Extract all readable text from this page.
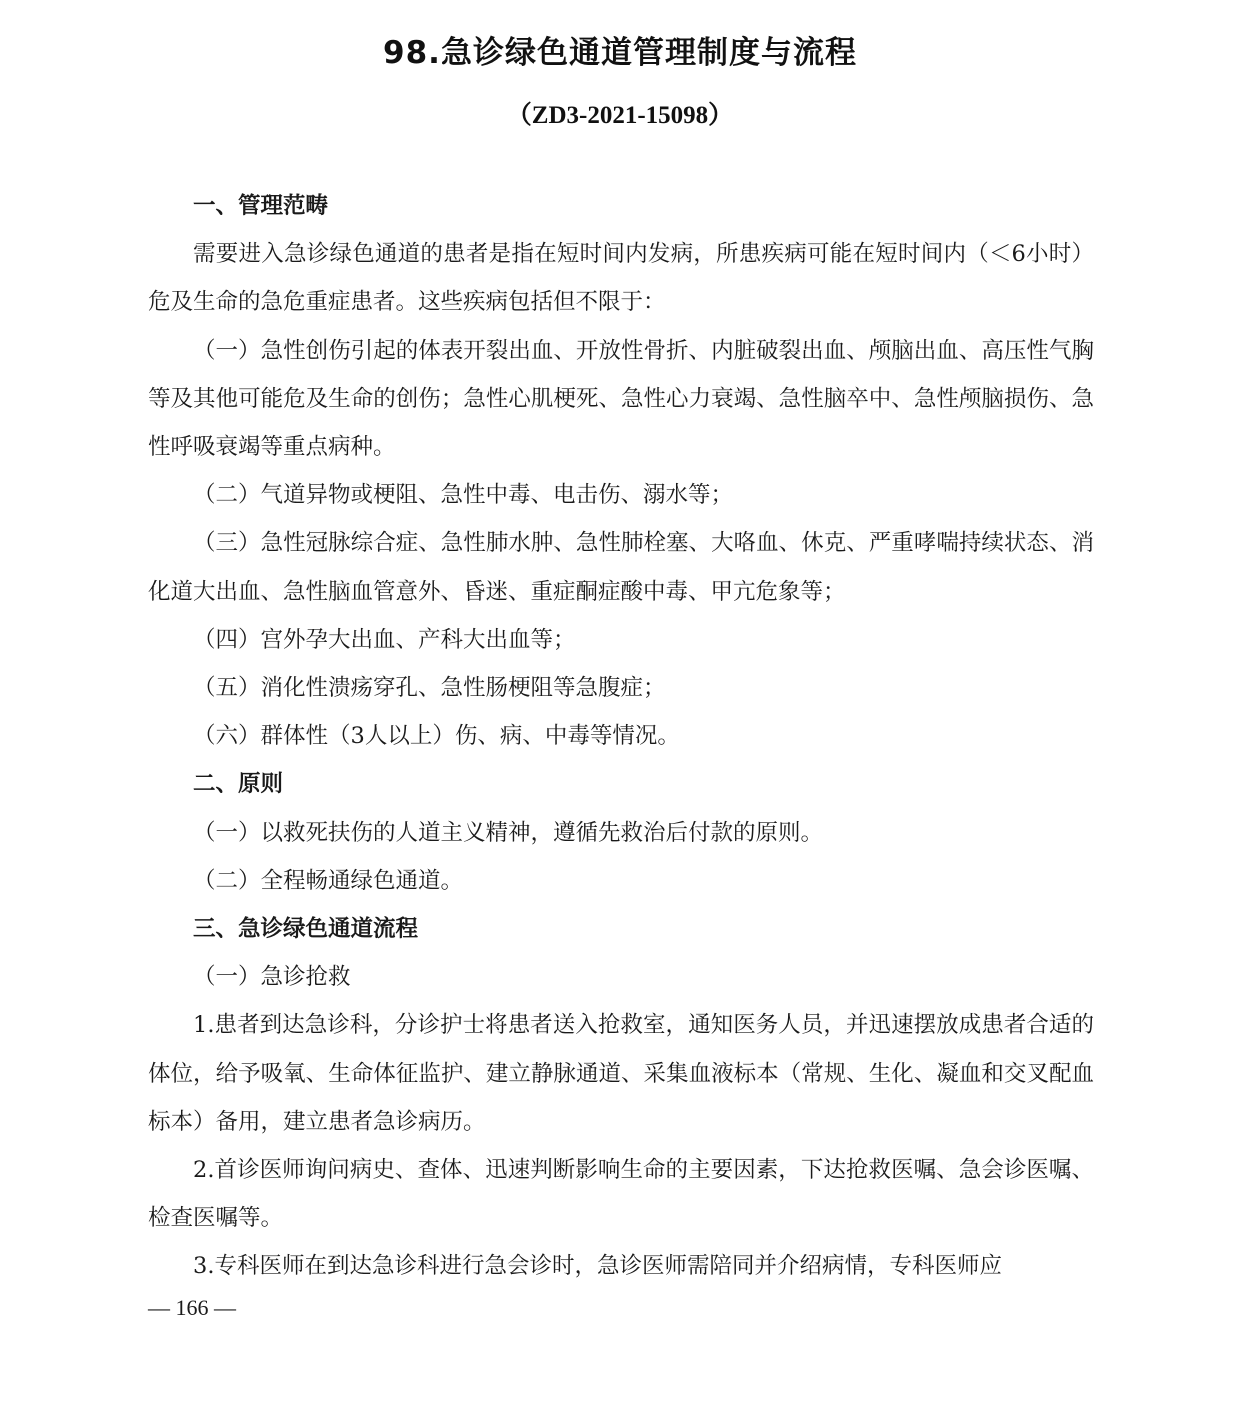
98.急诊绿色通道管理制度与流程
（ZD3-2021-15098）

一、管理范畴

需要进入急诊绿色通道的患者是指在短时间内发病，所患疾病可能在短时间内（＜6小时）危及生命的急危重症患者。这些疾病包括但不限于：

（一）急性创伤引起的体表开裂出血、开放性骨折、内脏破裂出血、颅脑出血、高压性气胸等及其他可能危及生命的创伤；急性心肌梗死、急性心力衰竭、急性脑卒中、急性颅脑损伤、急性呼吸衰竭等重点病种。

（二）气道异物或梗阻、急性中毒、电击伤、溺水等；

（三）急性冠脉综合症、急性肺水肿、急性肺栓塞、大咯血、休克、严重哮喘持续状态、消化道大出血、急性脑血管意外、昏迷、重症酮症酸中毒、甲亢危象等；

（四）宫外孕大出血、产科大出血等；

（五）消化性溃疡穿孔、急性肠梗阻等急腹症；

（六）群体性（3人以上）伤、病、中毒等情况。

二、原则

（一）以救死扶伤的人道主义精神，遵循先救治后付款的原则。

（二）全程畅通绿色通道。

三、急诊绿色通道流程

（一）急诊抢救

1.患者到达急诊科，分诊护士将患者送入抢救室，通知医务人员，并迅速摆放成患者合适的体位，给予吸氧、生命体征监护、建立静脉通道、采集血液标本（常规、生化、凝血和交叉配血标本）备用，建立患者急诊病历。

2.首诊医师询问病史、查体、迅速判断影响生命的主要因素，下达抢救医嘱、急会诊医嘱、检查医嘱等。

3.专科医师在到达急诊科进行急会诊时，急诊医师需陪同并介绍病情，专科医师应

— 166 —
